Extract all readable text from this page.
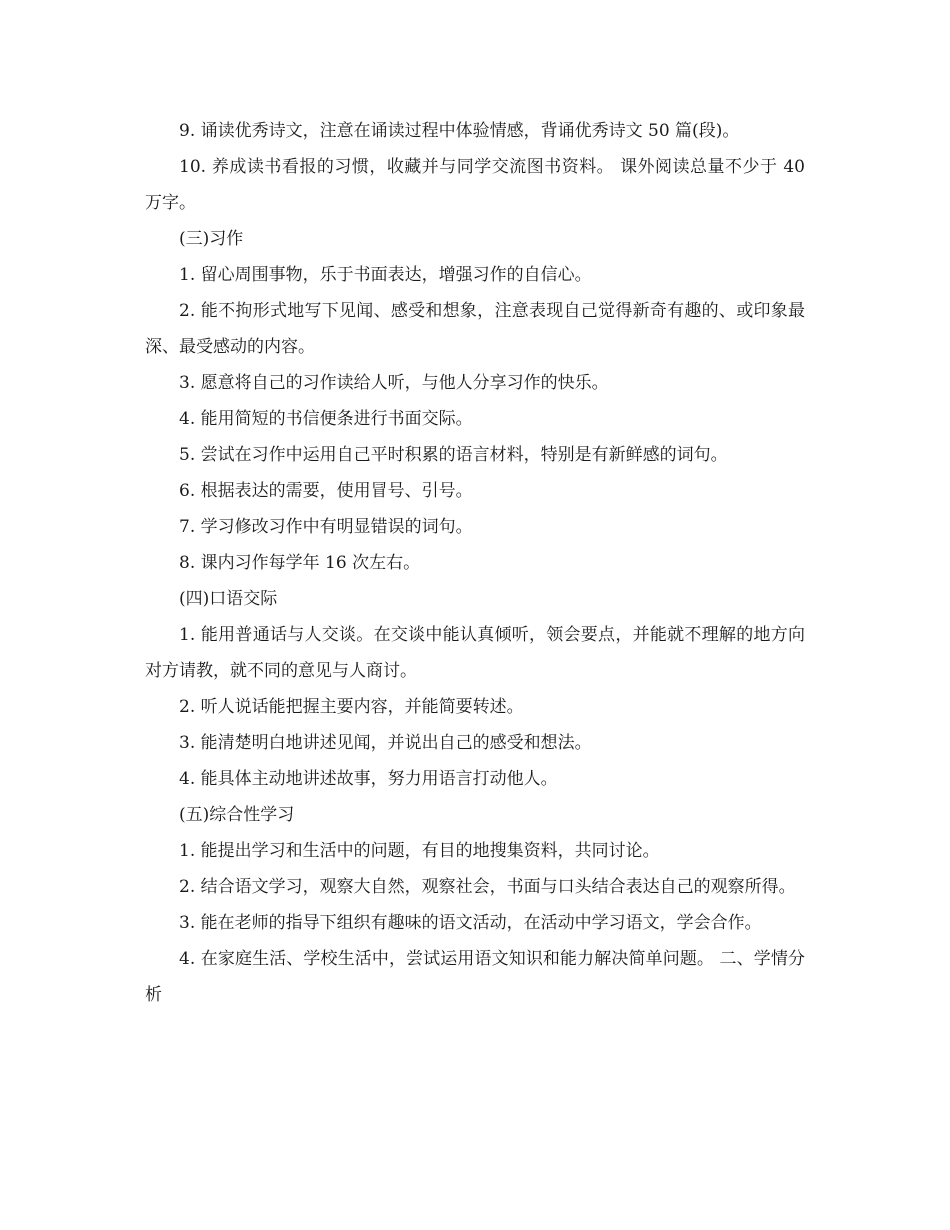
9. 诵读优秀诗文，注意在诵读过程中体验情感，背诵优秀诗文 50 篇(段)。

10. 养成读书看报的习惯，收藏并与同学交流图书资料。 课外阅读总量不少于 40 万字。

(三)习作

1. 留心周围事物，乐于书面表达，增强习作的自信心。

2. 能不拘形式地写下见闻、感受和想象，注意表现自己觉得新奇有趣的、或印象最深、最受感动的内容。

3. 愿意将自己的习作读给人听，与他人分享习作的快乐。

4. 能用简短的书信便条进行书面交际。

5. 尝试在习作中运用自己平时积累的语言材料，特别是有新鲜感的词句。

6. 根据表达的需要，使用冒号、引号。

7. 学习修改习作中有明显错误的词句。

8. 课内习作每学年 16 次左右。

(四)口语交际

1. 能用普通话与人交谈。在交谈中能认真倾听，领会要点，并能就不理解的地方向对方请教，就不同的意见与人商讨。

2. 听人说话能把握主要内容，并能简要转述。

3. 能清楚明白地讲述见闻，并说出自己的感受和想法。

4. 能具体主动地讲述故事，努力用语言打动他人。

(五)综合性学习

1. 能提出学习和生活中的问题，有目的地搜集资料，共同讨论。

2. 结合语文学习，观察大自然，观察社会，书面与口头结合表达自己的观察所得。

3. 能在老师的指导下组织有趣味的语文活动，在活动中学习语文，学会合作。

4. 在家庭生活、学校生活中，尝试运用语文知识和能力解决简单问题。 二、学情分析
